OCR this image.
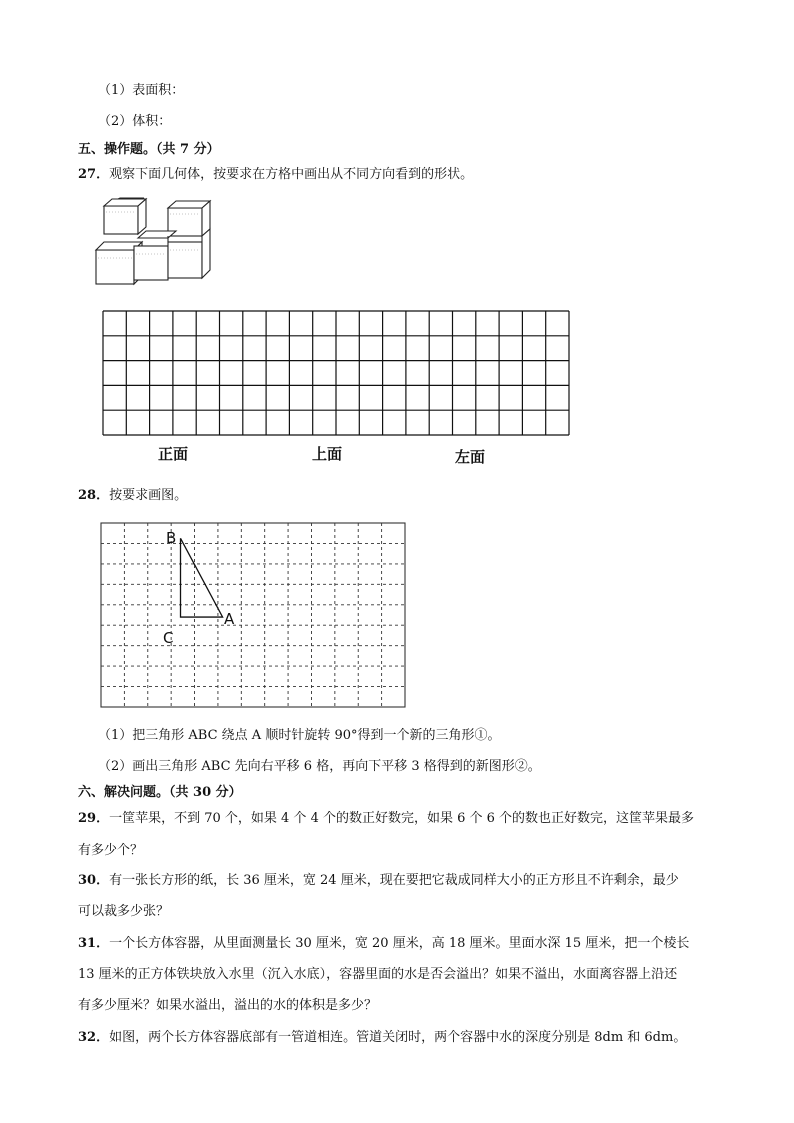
（1）表面积：
（2）体积：
五、操作题。（共 7 分）
27．观察下面几何体，按要求在方格中画出从不同方向看到的形状。
正面	上面	左面
28．按要求画图。
B
A
C
（1）把三角形 ABC 绕点 A 顺时针旋转 90°得到一个新的三角形①。
（2）画出三角形 ABC 先向右平移 6 格，再向下平移 3 格得到的新图形②。
六、解决问题。（共 30 分）
29．一筐苹果，不到 70 个，如果 4 个 4 个的数正好数完，如果 6 个 6 个的数也正好数完，这筐苹果最多
有多少个？
30．有一张长方形的纸，长 36 厘米，宽 24 厘米，现在要把它裁成同样大小的正方形且不许剩余，最少
可以裁多少张？
31．一个长方体容器，从里面测量长 30 厘米，宽 20 厘米，高 18 厘米。里面水深 15 厘米，把一个棱长
13 厘米的正方体铁块放入水里（沉入水底），容器里面的水是否会溢出？如果不溢出，水面离容器上沿还
有多少厘米？如果水溢出，溢出的水的体积是多少？
32．如图，两个长方体容器底部有一管道相连。管道关闭时，两个容器中水的深度分别是 8dm 和 6dm。
